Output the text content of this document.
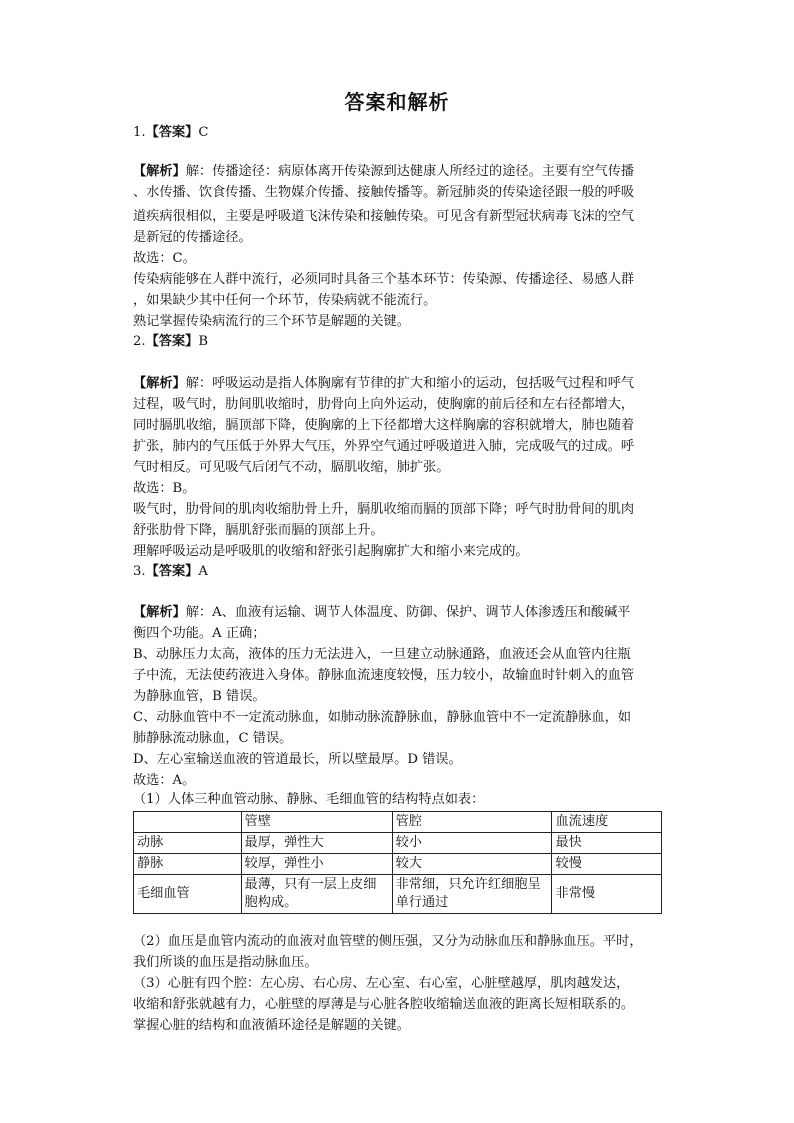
答案和解析
1.【答案】C
【解析】解：传播途径：病原体离开传染源到达健康人所经过的途径。主要有空气传播
、水传播、饮食传播、生物媒介传播、接触传播等。新冠肺炎的传染途径跟一般的呼吸
道疾病很相似，主要是呼吸道飞沫传染和接触传染。可见含有新型冠状病毒飞沫的空气
是新冠的传播途径。
故选：C。
传染病能够在人群中流行，必须同时具备三个基本环节：传染源、传播途径、易感人群
，如果缺少其中任何一个环节，传染病就不能流行。
熟记掌握传染病流行的三个环节是解题的关键。
2.【答案】B
【解析】解：呼吸运动是指人体胸廓有节律的扩大和缩小的运动，包括吸气过程和呼气
过程，吸气时，肋间肌收缩时，肋骨向上向外运动，使胸廓的前后径和左右径都增大，
同时膈肌收缩，膈顶部下降，使胸廓的上下径都增大这样胸廓的容积就增大，肺也随着
扩张，肺内的气压低于外界大气压，外界空气通过呼吸道进入肺，完成吸气的过成。呼
气时相反。可见吸气后闭气不动，膈肌收缩，肺扩张。
故选：B。
吸气时，肋骨间的肌肉收缩肋骨上升，膈肌收缩而膈的顶部下降；呼气时肋骨间的肌肉
舒张肋骨下降，膈肌舒张而膈的顶部上升。
理解呼吸运动是呼吸肌的收缩和舒张引起胸廓扩大和缩小来完成的。
3.【答案】A
【解析】解：A、血液有运输、调节人体温度、防御、保护、调节人体渗透压和酸碱平
衡四个功能。A 正确；
B、动脉压力太高，液体的压力无法进入，一旦建立动脉通路，血液还会从血管内往瓶
子中流，无法使药液进入身体。静脉血流速度较慢，压力较小，故输血时针刺入的血管
为静脉血管，B 错误。
C、动脉血管中不一定流动脉血，如肺动脉流静脉血，静脉血管中不一定流静脉血，如
肺静脉流动脉血，C 错误。
D、左心室输送血液的管道最长，所以壁最厚。D 错误。
故选：A。
（1）人体三种血管动脉、静脉、毛细血管的结构特点如表：
	管壁	管腔	血流速度
动脉	最厚，弹性大	较小	最快
静脉	较厚，弹性小	较大	较慢
毛细血管	最薄，只有一层上皮细胞构成。	非常细，只允许红细胞呈单行通过	非常慢
（2）血压是血管内流动的血液对血管壁的侧压强，又分为动脉血压和静脉血压。平时，
我们所谈的血压是指动脉血压。
（3）心脏有四个腔：左心房、右心房、左心室、右心室，心脏壁越厚，肌肉越发达，
收缩和舒张就越有力，心脏壁的厚薄是与心脏各腔收缩输送血液的距离长短相联系的。
掌握心脏的结构和血液循环途径是解题的关键。
